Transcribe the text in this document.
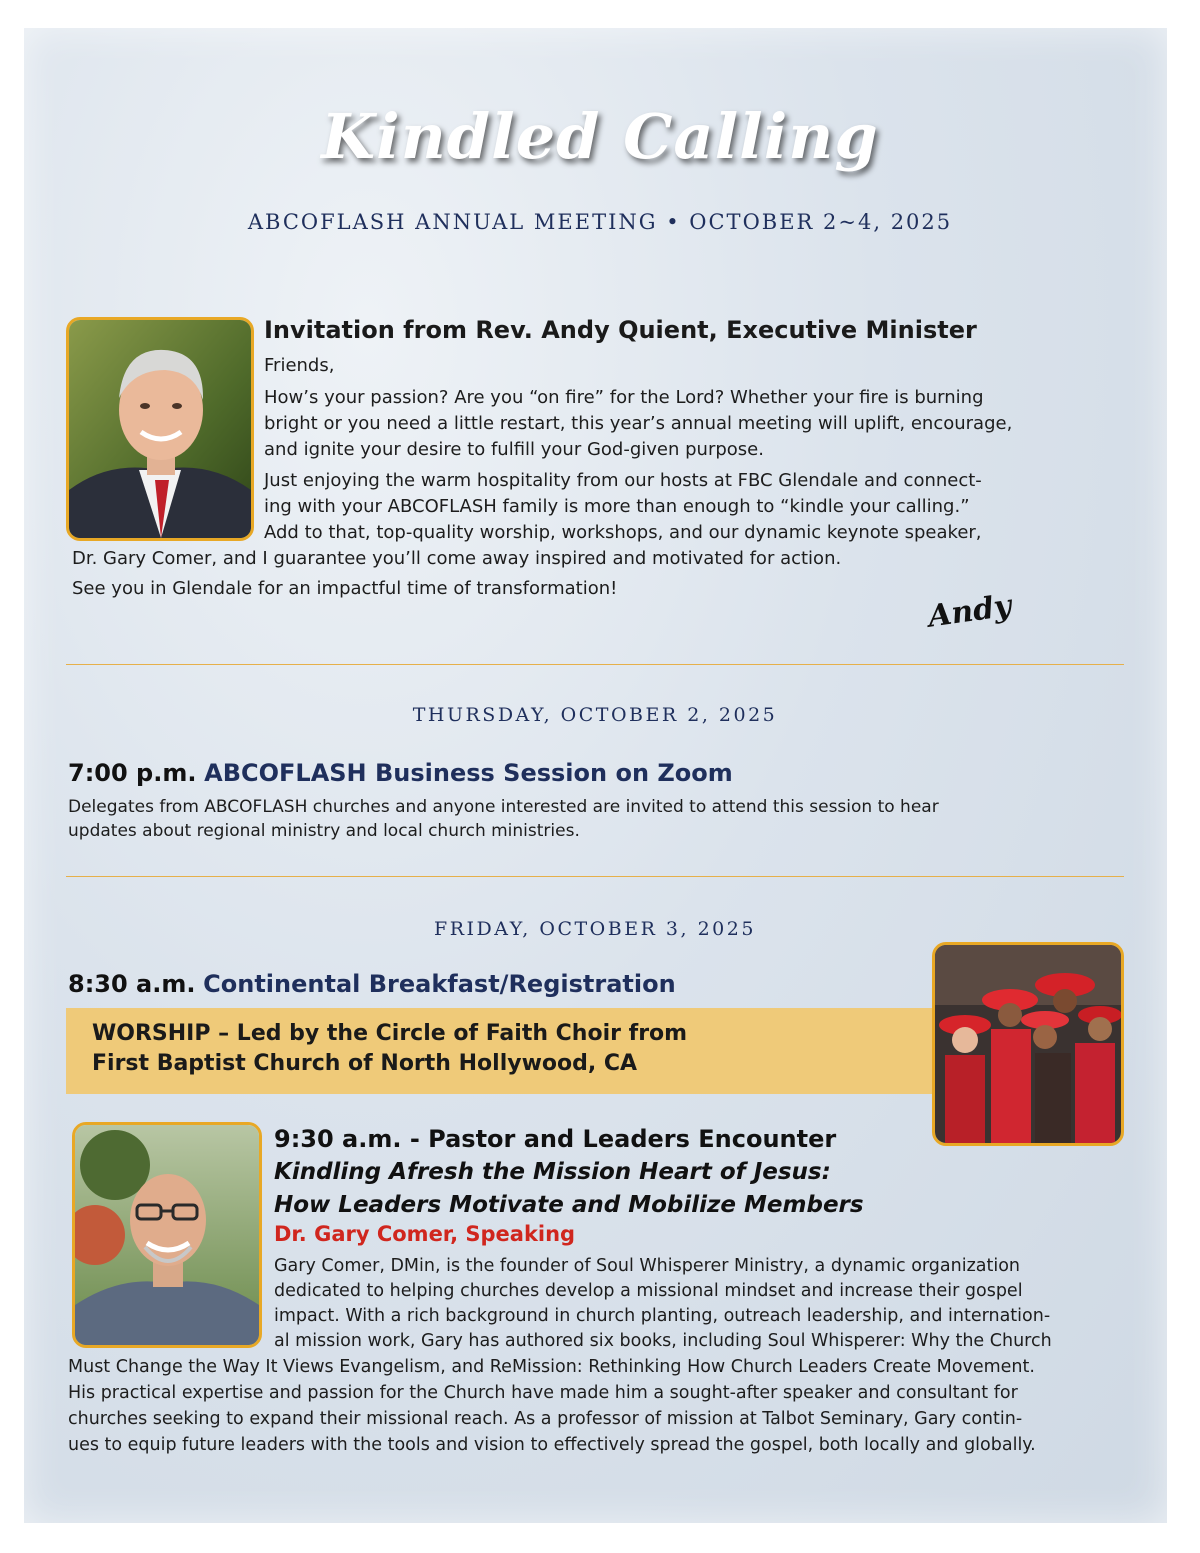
Kindled Calling
ABCOFLASH ANNUAL MEETING • OCTOBER 2~4, 2025
Invitation from Rev. Andy Quient, Executive Minister
Friends,
How’s your passion? Are you “on fire” for the Lord? Whether your fire is burning
bright or you need a little restart, this year’s annual meeting will uplift, encourage,
and ignite your desire to fulfill your God-given purpose.
Just enjoying the warm hospitality from our hosts at FBC Glendale and connect-
ing with your ABCOFLASH family is more than enough to “kindle your calling.”
Add to that, top-quality worship, workshops, and our dynamic keynote speaker,
Dr. Gary Comer, and I guarantee you’ll come away inspired and motivated for action.
See you in Glendale for an impactful time of transformation!	Andy
THURSDAY, OCTOBER 2, 2025
7:00 p.m. ABCOFLASH Business Session on Zoom
Delegates from ABCOFLASH churches and anyone interested are invited to attend this session to hear
updates about regional ministry and local church ministries.
FRIDAY, OCTOBER 3, 2025
8:30 a.m. Continental Breakfast/Registration
WORSHIP – Led by the Circle of Faith Choir from
First Baptist Church of North Hollywood, CA
9:30 a.m. - Pastor and Leaders Encounter
Kindling Afresh the Mission Heart of Jesus:
How Leaders Motivate and Mobilize Members
Dr. Gary Comer, Speaking
Gary Comer, DMin, is the founder of Soul Whisperer Ministry, a dynamic organization
dedicated to helping churches develop a missional mindset and increase their gospel
impact. With a rich background in church planting, outreach leadership, and internation-
al mission work, Gary has authored six books, including Soul Whisperer: Why the Church
Must Change the Way It Views Evangelism, and ReMission: Rethinking How Church Leaders Create Movement.
His practical expertise and passion for the Church have made him a sought-after speaker and consultant for
churches seeking to expand their missional reach. As a professor of mission at Talbot Seminary, Gary contin-
ues to equip future leaders with the tools and vision to effectively spread the gospel, both locally and globally.
